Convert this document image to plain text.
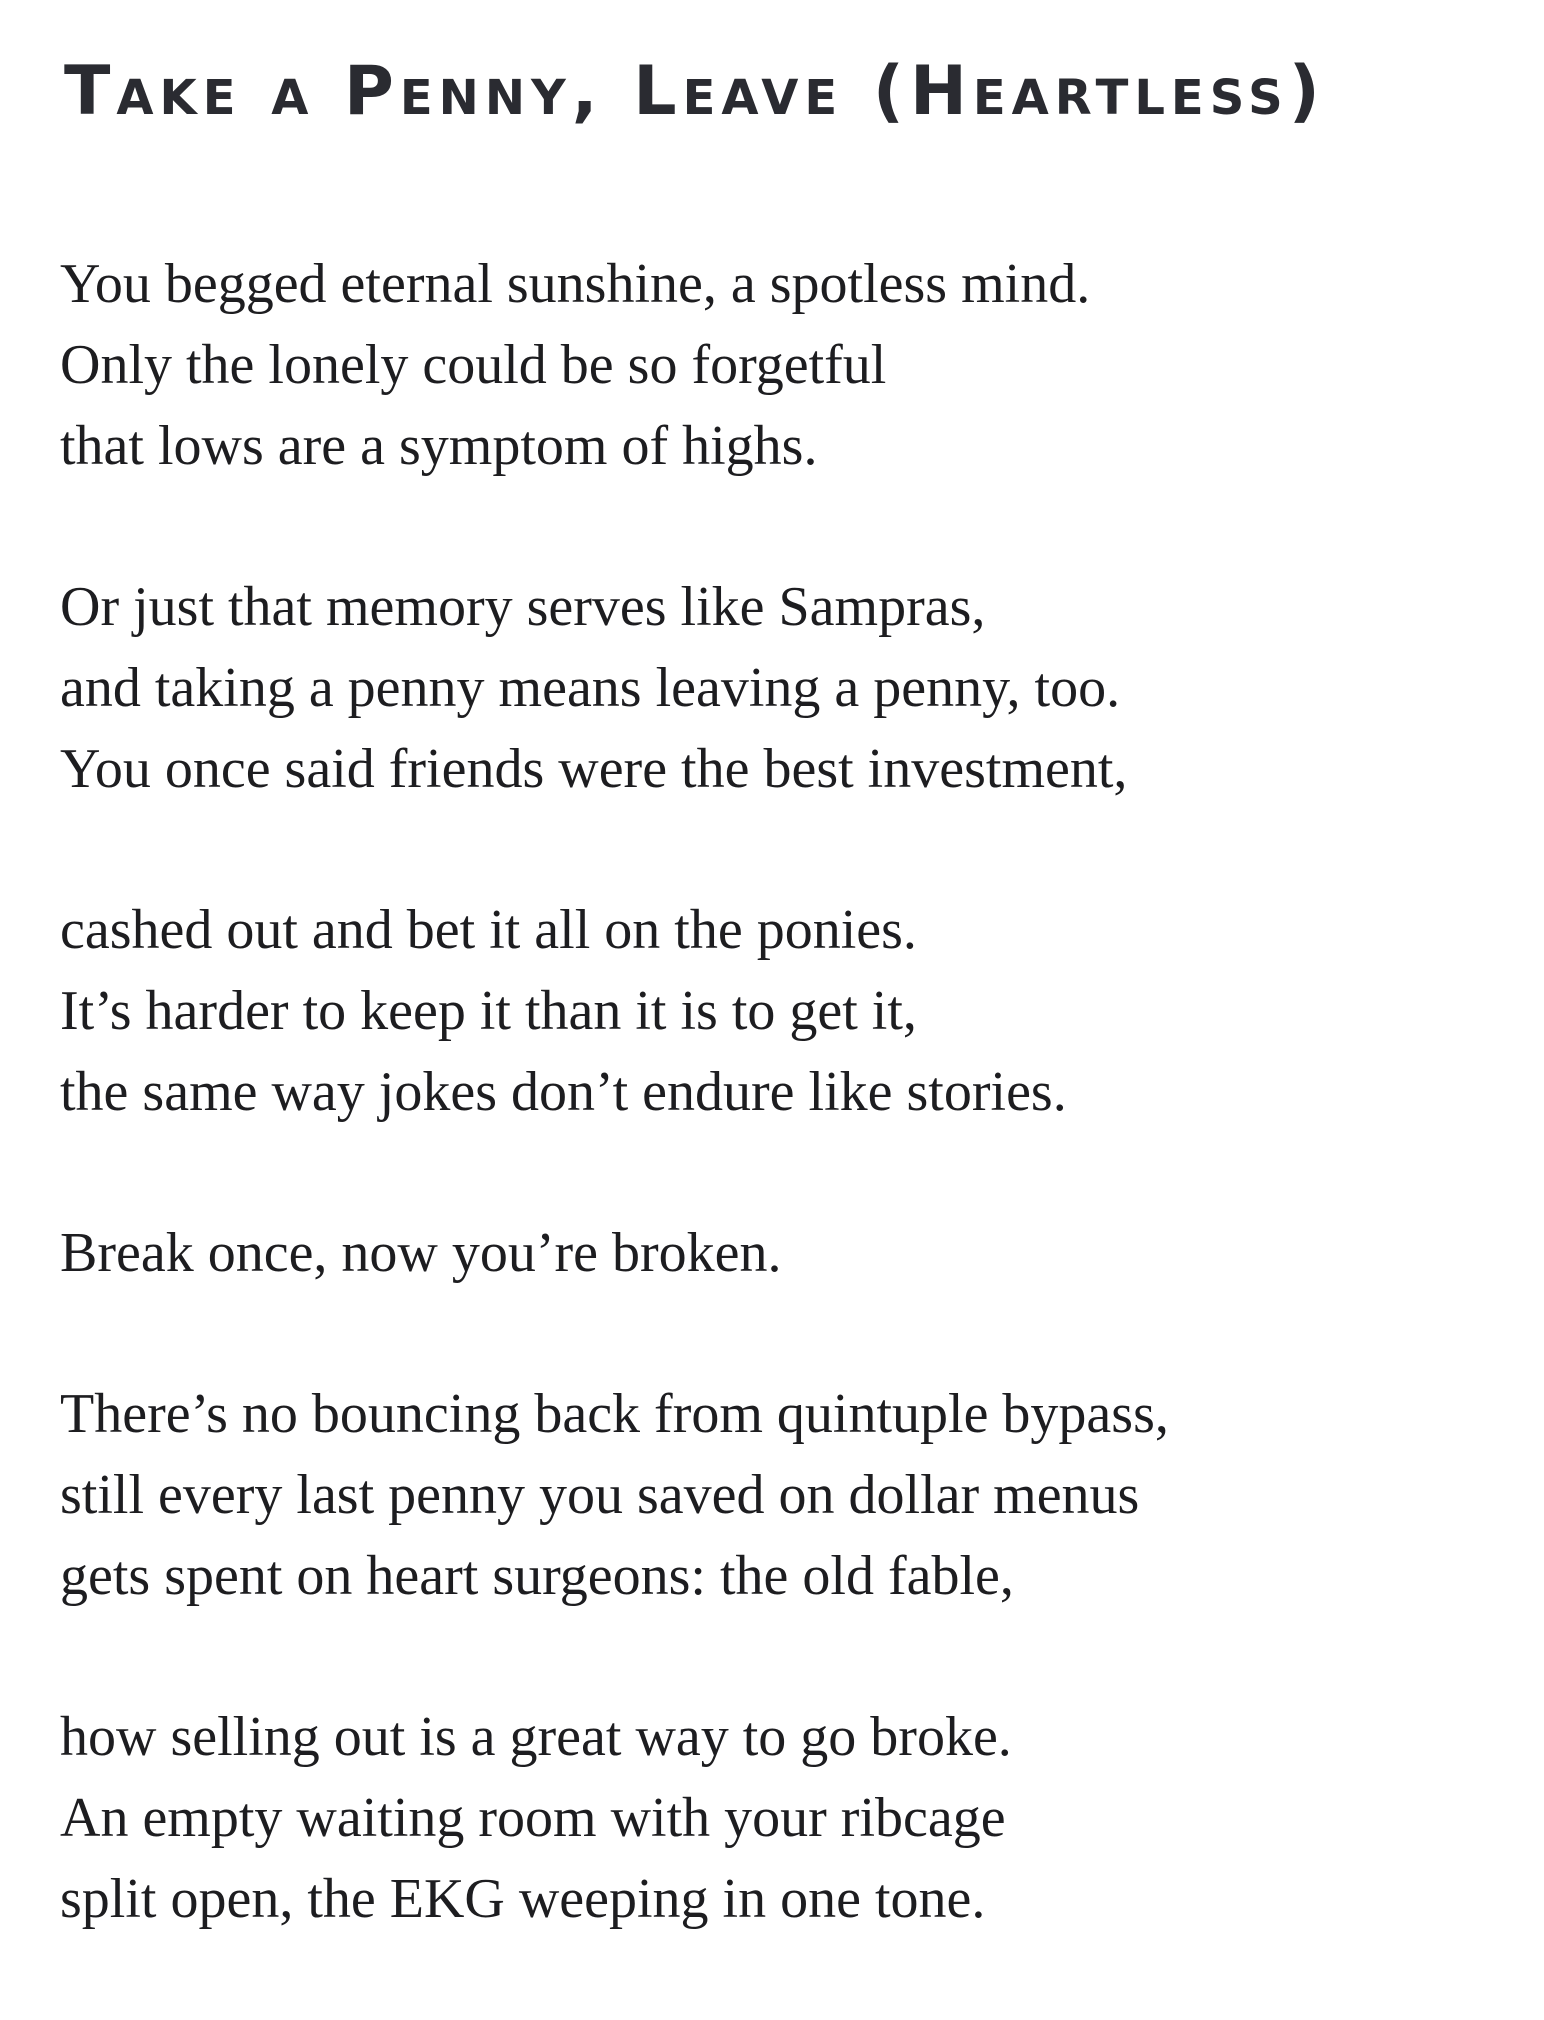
Take a Penny, Leave (Heartless)
You begged eternal sunshine, a spotless mind.
Only the lonely could be so forgetful
that lows are a symptom of highs.
Or just that memory serves like Sampras,
and taking a penny means leaving a penny, too.
You once said friends were the best investment,
cashed out and bet it all on the ponies.
It’s harder to keep it than it is to get it,
the same way jokes don’t endure like stories.
Break once, now you’re broken.
There’s no bouncing back from quintuple bypass,
still every last penny you saved on dollar menus
gets spent on heart surgeons: the old fable,
how selling out is a great way to go broke.
An empty waiting room with your ribcage
split open, the EKG weeping in one tone.
